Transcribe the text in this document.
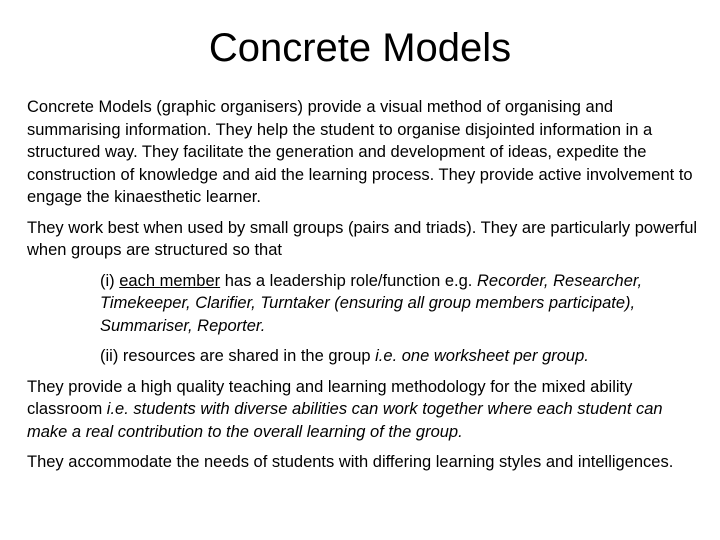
Concrete Models

Concrete Models (graphic organisers) provide a visual method of organising and summarising information. They help the student to organise disjointed information in a structured way. They facilitate the generation and development of ideas, expedite the construction of knowledge and aid the learning process. They provide active involvement to engage the kinaesthetic learner.

They work best when used by small groups (pairs and triads). They are particularly powerful when groups are structured so that

(i) each member has a leadership role/function e.g. Recorder, Researcher, Timekeeper, Clarifier, Turntaker (ensuring all group members participate), Summariser, Reporter.

(ii) resources are shared in the group i.e. one worksheet per group.

They provide a high quality teaching and learning methodology for the mixed ability classroom i.e. students with diverse abilities can work together where each student can make a real contribution to the overall learning of the group.

They accommodate the needs of students with differing learning styles and intelligences.
